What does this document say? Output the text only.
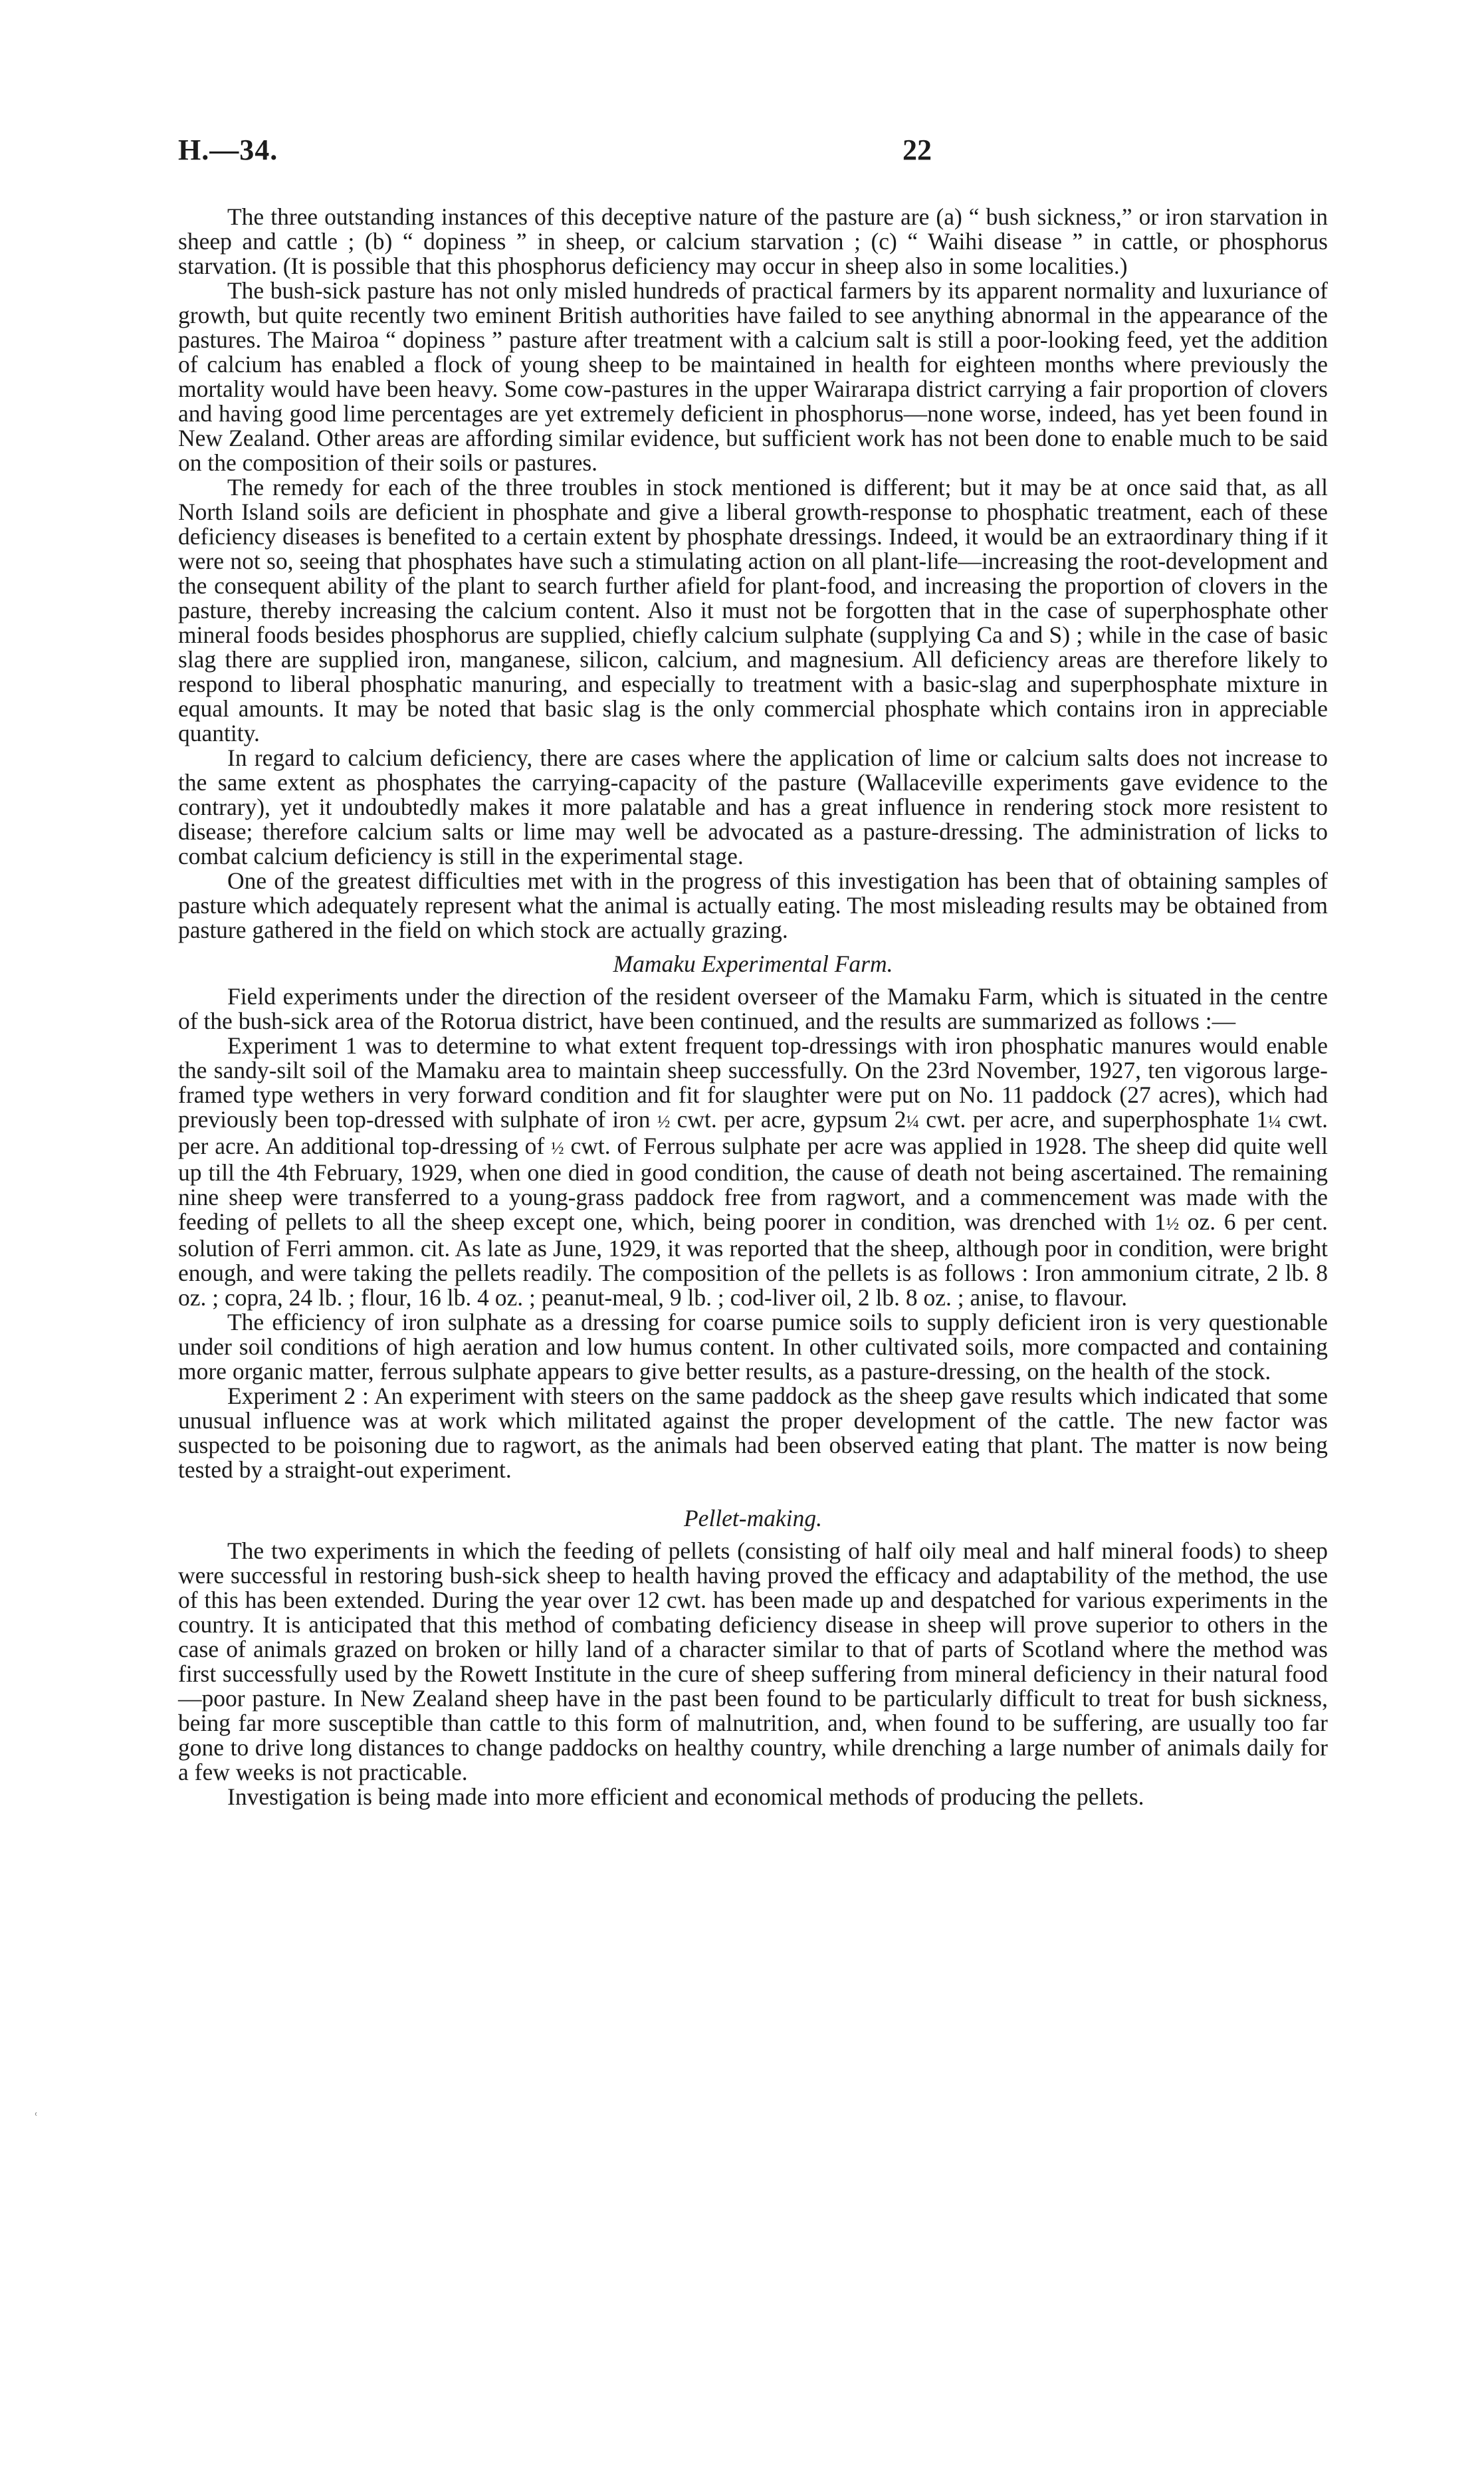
H.—34.	22
ʿ

The three outstanding instances of this deceptive nature of the pasture are (a) “ bush sickness,” or iron starvation in sheep and cattle ; (b) “ dopiness ” in sheep, or calcium starvation ; (c) “ Waihi disease ” in cattle, or phosphorus starvation. (It is possible that this phosphorus deficiency may occur in sheep also in some localities.)

The bush-sick pasture has not only misled hundreds of practical farmers by its apparent normality and luxuriance of growth, but quite recently two eminent British authorities have failed to see anything abnormal in the appearance of the pastures. The Mairoa “ dopiness ” pasture after treatment with a calcium salt is still a poor-looking feed, yet the addition of calcium has enabled a flock of young sheep to be maintained in health for eighteen months where previously the mortality would have been heavy. Some cow-pastures in the upper Wairarapa district carrying a fair proportion of clovers and having good lime percentages are yet extremely deficient in phosphorus—none worse, indeed, has yet been found in New Zealand. Other areas are affording similar evidence, but sufficient work has not been done to enable much to be said on the composition of their soils or pastures.

The remedy for each of the three troubles in stock mentioned is different; but it may be at once said that, as all North Island soils are deficient in phosphate and give a liberal growth-response to phosphatic treatment, each of these deficiency diseases is benefited to a certain extent by phosphate dressings. Indeed, it would be an extraordinary thing if it were not so, seeing that phosphates have such a stimulating action on all plant-life—increasing the root-development and the consequent ability of the plant to search further afield for plant-food, and increasing the proportion of clovers in the pasture, thereby increasing the calcium content. Also it must not be forgotten that in the case of superphosphate other mineral foods besides phosphorus are supplied, chiefly calcium sulphate (supplying Ca and S) ; while in the case of basic slag there are supplied iron, manganese, silicon, calcium, and magnesium. All deficiency areas are therefore likely to respond to liberal phosphatic manuring, and especially to treatment with a basic-slag and superphosphate mixture in equal amounts. It may be noted that basic slag is the only commercial phosphate which contains iron in appreciable quantity.

In regard to calcium deficiency, there are cases where the application of lime or calcium salts does not increase to the same extent as phosphates the carrying-capacity of the pasture (Wallaceville experiments gave evidence to the contrary), yet it undoubtedly makes it more palatable and has a great influence in rendering stock more resistent to disease; therefore calcium salts or lime may well be advocated as a pasture-dressing. The administration of licks to combat calcium deficiency is still in the experimental stage.

One of the greatest difficulties met with in the progress of this investigation has been that of obtaining samples of pasture which adequately represent what the animal is actually eating. The most misleading results may be obtained from pasture gathered in the field on which stock are actually grazing.

Mamaku Experimental Farm.

Field experiments under the direction of the resident overseer of the Mamaku Farm, which is situated in the centre of the bush-sick area of the Rotorua district, have been continued, and the results are summarized as follows :—

Experiment 1 was to determine to what extent frequent top-dressings with iron phosphatic manures would enable the sandy-silt soil of the Mamaku area to maintain sheep successfully. On the 23rd November, 1927, ten vigorous large-framed type wethers in very forward condition and fit for slaughter were put on No. 11 paddock (27 acres), which had previously been top-dressed with sulphate of iron ½ cwt. per acre, gypsum 2¼ cwt. per acre, and superphosphate 1¼ cwt. per acre. An additional top-dressing of ½ cwt. of Ferrous sulphate per acre was applied in 1928. The sheep did quite well up till the 4th February, 1929, when one died in good condition, the cause of death not being ascertained. The remaining nine sheep were transferred to a young-grass paddock free from ragwort, and a commencement was made with the feeding of pellets to all the sheep except one, which, being poorer in condition, was drenched with 1½ oz. 6 per cent. solution of Ferri ammon. cit. As late as June, 1929, it was reported that the sheep, although poor in condition, were bright enough, and were taking the pellets readily. The composition of the pellets is as follows : Iron ammonium citrate, 2 lb. 8 oz. ; copra, 24 lb. ; flour, 16 lb. 4 oz. ; peanut-meal, 9 lb. ; cod-liver oil, 2 lb. 8 oz. ; anise, to flavour.

The efficiency of iron sulphate as a dressing for coarse pumice soils to supply deficient iron is very questionable under soil conditions of high aeration and low humus content. In other cultivated soils, more compacted and containing more organic matter, ferrous sulphate appears to give better results, as a pasture-dressing, on the health of the stock.

Experiment 2 : An experiment with steers on the same paddock as the sheep gave results which indicated that some unusual influence was at work which militated against the proper development of the cattle. The new factor was suspected to be poisoning due to ragwort, as the animals had been observed eating that plant. The matter is now being tested by a straight-out experiment.

Pellet-making.

The two experiments in which the feeding of pellets (consisting of half oily meal and half mineral foods) to sheep were successful in restoring bush-sick sheep to health having proved the efficacy and adaptability of the method, the use of this has been extended. During the year over 12 cwt. has been made up and despatched for various experiments in the country. It is anticipated that this method of combating deficiency disease in sheep will prove superior to others in the case of animals grazed on broken or hilly land of a character similar to that of parts of Scotland where the method was first successfully used by the Rowett Institute in the cure of sheep suffering from mineral deficiency in their natural food—poor pasture. In New Zealand sheep have in the past been found to be particularly difficult to treat for bush sickness, being far more susceptible than cattle to this form of malnutrition, and, when found to be suffering, are usually too far gone to drive long distances to change paddocks on healthy country, while drenching a large number of animals daily for a few weeks is not practicable.

Investigation is being made into more efficient and economical methods of producing the pellets.
